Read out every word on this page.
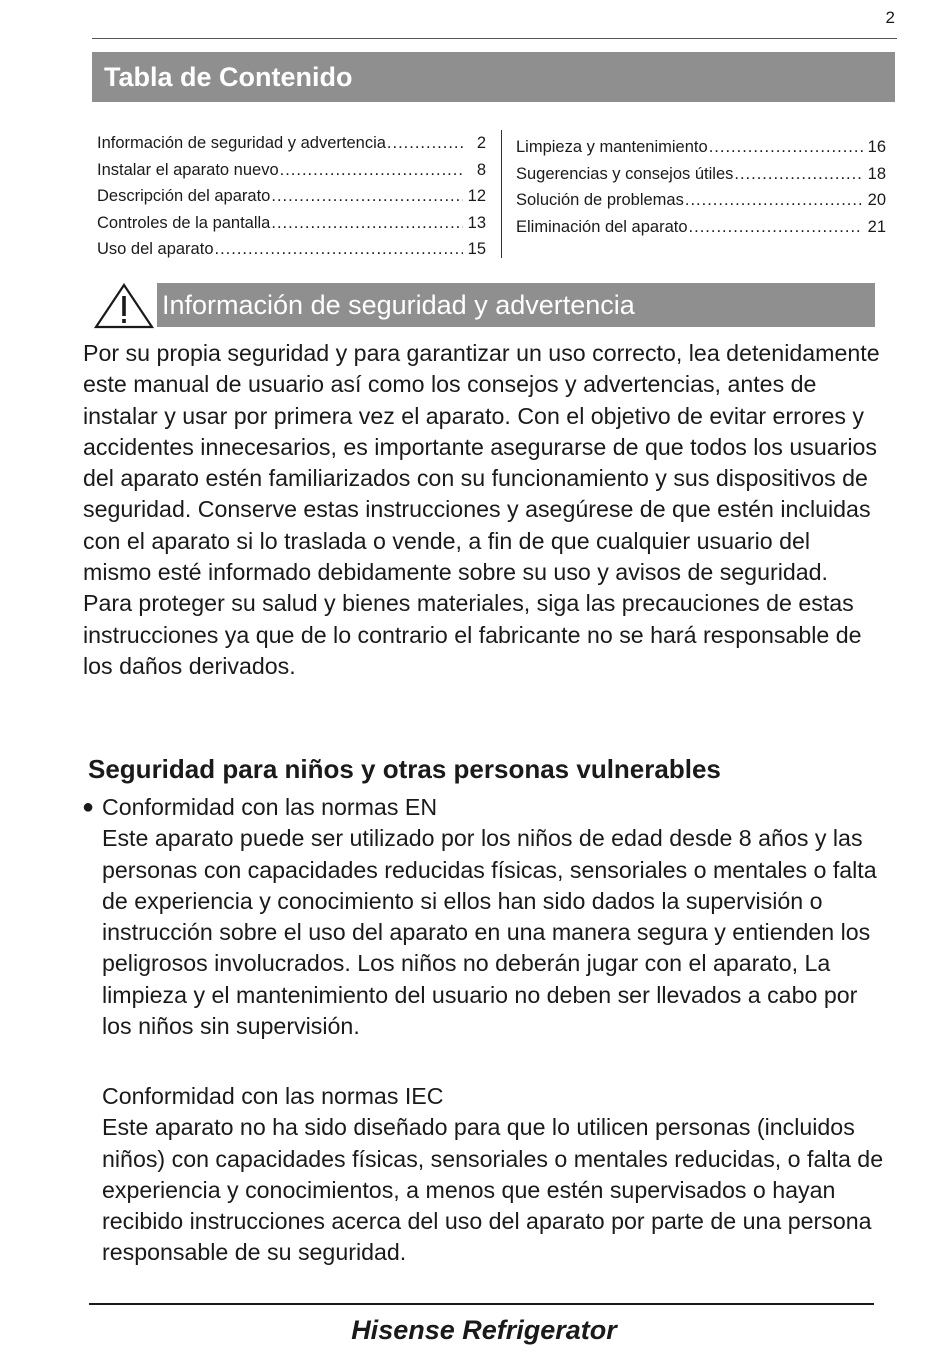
2
Tabla de Contenido
Información de seguridad y advertencia .....	2
Instalar el aparato nuevo .....	8
Descripción del aparato .....	12
Controles de la pantalla .....	13
Uso del aparato .....	15
Limpieza y mantenimiento .....	16
Sugerencias y consejos útiles .....	18
Solución de problemas .....	20
Eliminación del aparato .....	21
Información de seguridad y advertencia

Por su propia seguridad y para garantizar un uso correcto, lea detenidamente este manual de usuario así como los consejos y advertencias, antes de instalar y usar por primera vez el aparato. Con el objetivo de evitar errores y accidentes innecesarios, es importante asegurarse de que todos los usuarios del aparato estén familiarizados con su funcionamiento y sus dispositivos de seguridad. Conserve estas instrucciones y asegúrese de que estén incluidas con el aparato si lo traslada o vende, a fin de que cualquier usuario del mismo esté informado debidamente sobre su uso y avisos de seguridad. Para proteger su salud y bienes materiales, siga las precauciones de estas instrucciones ya que de lo contrario el fabricante no se hará responsable de los daños derivados.

Seguridad para niños y otras personas vulnerables
● Conformidad con las normas EN

Este aparato puede ser utilizado por los niños de edad desde 8 años y las personas con capacidades reducidas físicas, sensoriales o mentales o falta de experiencia y conocimiento si ellos han sido dados la supervisión o instrucción sobre el uso del aparato en una manera segura y entienden los peligrosos involucrados. Los niños no deberán jugar con el aparato, La limpieza y el mantenimiento del usuario no deben ser llevados a cabo por los niños sin supervisión.

Conformidad con las normas IEC

Este aparato no ha sido diseñado para que lo utilicen personas (incluidos niños) con capacidades físicas, sensoriales o mentales reducidas, o falta de experiencia y conocimientos, a menos que estén supervisados o hayan recibido instrucciones acerca del uso del aparato por parte de una persona responsable de su seguridad.

Hisense Refrigerator
